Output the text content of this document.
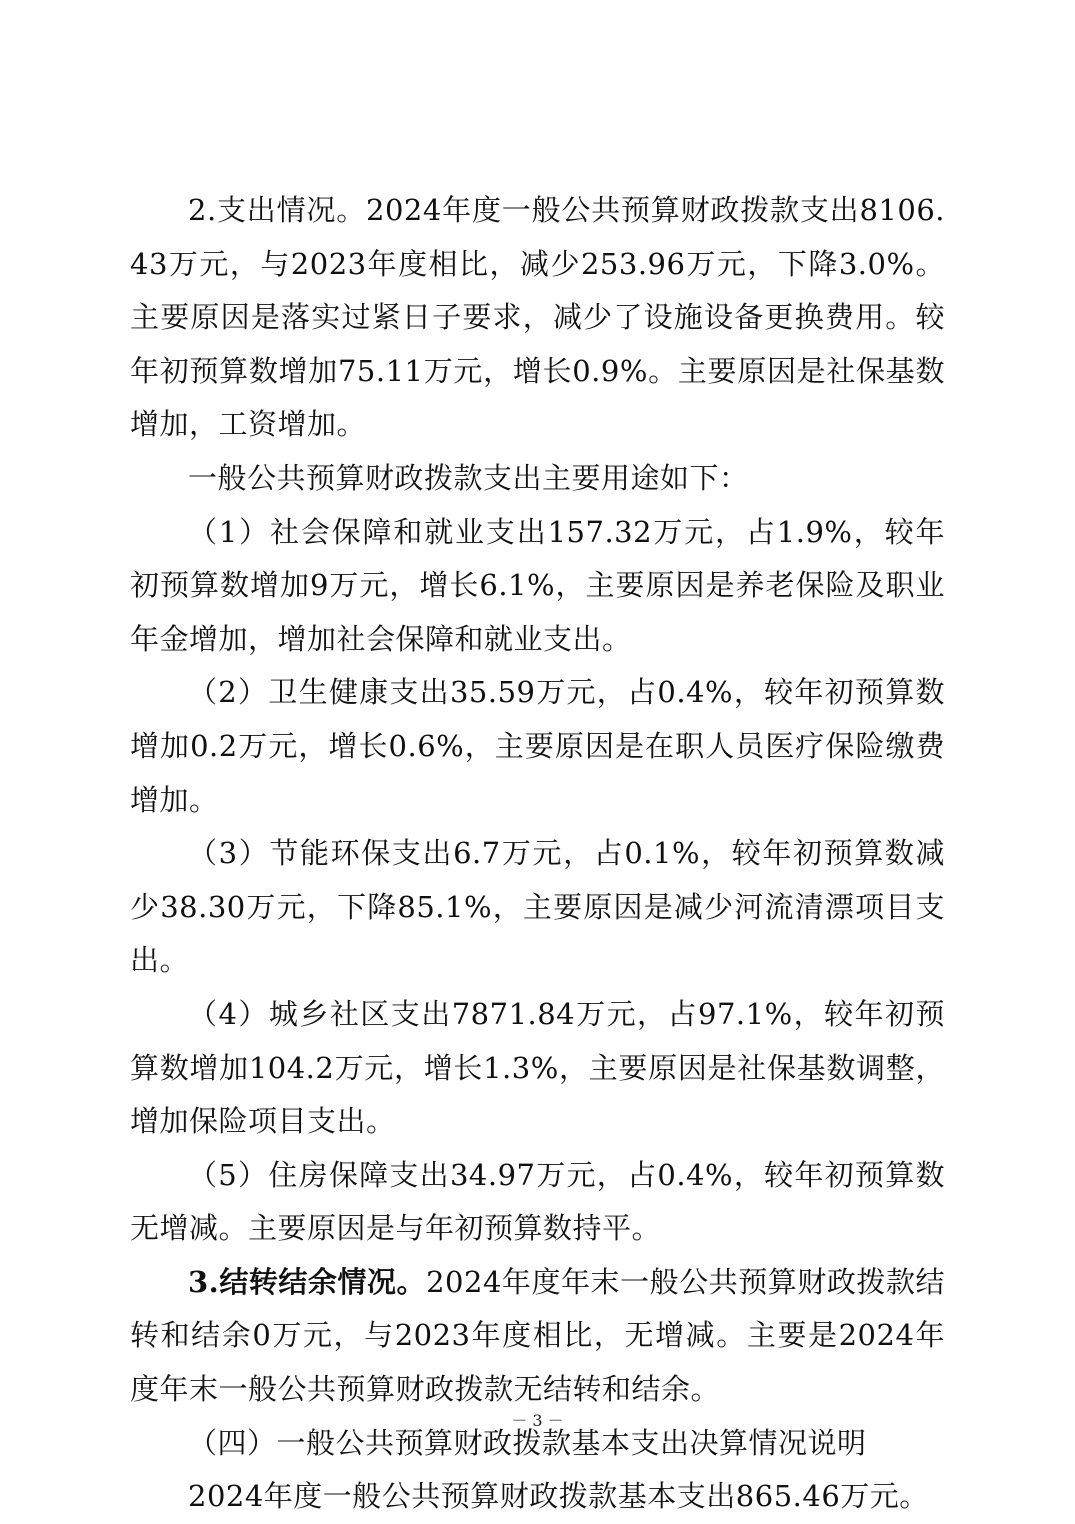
2.支出情况。2024年度一般公共预算财政拨款支出8106.43万元，与2023年度相比，减少253.96万元，下降3.0%。主要原因是落实过紧日子要求，减少了设施设备更换费用。较年初预算数增加75.11万元，增长0.9%。主要原因是社保基数增加，工资增加。

一般公共预算财政拨款支出主要用途如下：

（1）社会保障和就业支出157.32万元，占1.9%，较年初预算数增加9万元，增长6.1%，主要原因是养老保险及职业年金增加，增加社会保障和就业支出。

（2）卫生健康支出35.59万元，占0.4%，较年初预算数增加0.2万元，增长0.6%，主要原因是在职人员医疗保险缴费增加。

（3）节能环保支出6.7万元，占0.1%，较年初预算数减少38.30万元，下降85.1%，主要原因是减少河流清漂项目支出。

（4）城乡社区支出7871.84万元，占97.1%，较年初预算数增加104.2万元，增长1.3%，主要原因是社保基数调整，增加保险项目支出。

（5）住房保障支出34.97万元，占0.4%，较年初预算数无增减。主要原因是与年初预算数持平。

3.结转结余情况。2024年度年末一般公共预算财政拨款结转和结余0万元，与2023年度相比，无增减。主要是2024年度年末一般公共预算财政拨款无结转和结余。

（四）一般公共预算财政拨款基本支出决算情况说明

2024年度一般公共预算财政拨款基本支出865.46万元。

－ 3 －
